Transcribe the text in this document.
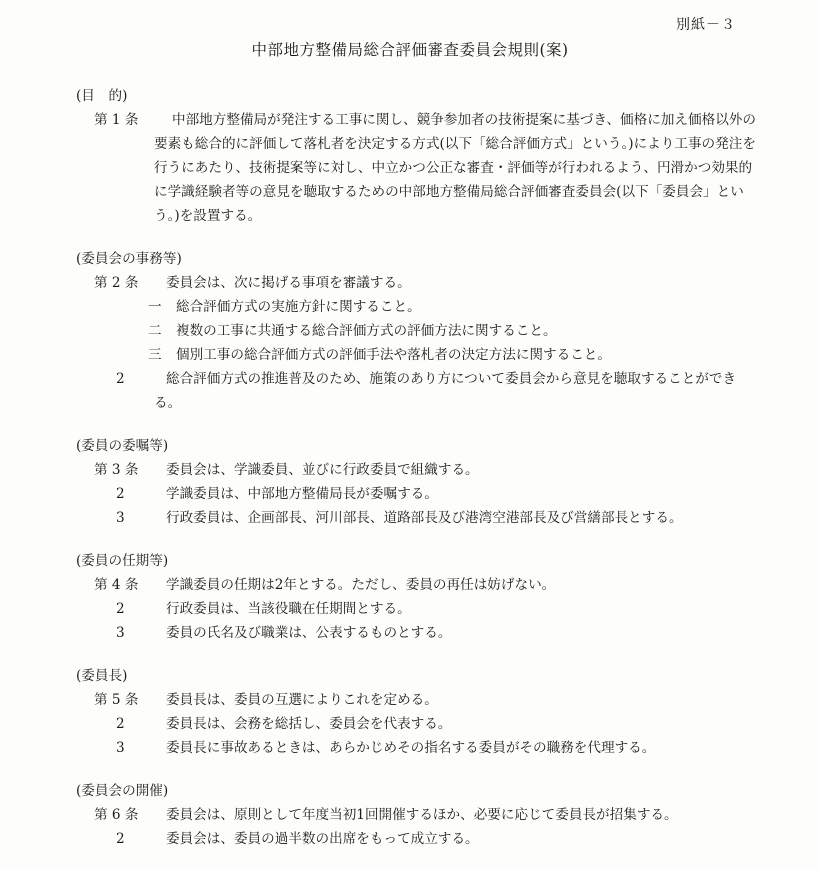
別紙－３
中部地方整備局総合評価審査委員会規則(案)
(目　的)
第 1 条	中部地方整備局が発注する工事に関し、競争参加者の技術提案に基づき、価格に加え価格以外の要素も総合的に評価して落札者を決定する方式(以下「総合評価方式」という。)により工事の発注を行うにあたり、技術提案等に対し、中立かつ公正な審査・評価等が行われるよう、円滑かつ効果的に学識経験者等の意見を聴取するための中部地方整備局総合評価審査委員会(以下「委員会」という。)を設置する。
(委員会の事務等)
第 2 条	委員会は、次に掲げる事項を審議する。
一	総合評価方式の実施方針に関すること。
二	複数の工事に共通する総合評価方式の評価方法に関すること。
三	個別工事の総合評価方式の評価手法や落札者の決定方法に関すること。
2	総合評価方式の推進普及のため、施策のあり方について委員会から意見を聴取することができる。
(委員の委嘱等)
第 3 条	委員会は、学識委員、並びに行政委員で組織する。
2	学識委員は、中部地方整備局長が委嘱する。
3	行政委員は、企画部長、河川部長、道路部長及び港湾空港部長及び営繕部長とする。
(委員の任期等)
第 4 条	学識委員の任期は2年とする。ただし、委員の再任は妨げない。
2	行政委員は、当該役職在任期間とする。
3	委員の氏名及び職業は、公表するものとする。
(委員長)
第 5 条	委員長は、委員の互選によりこれを定める。
2	委員長は、会務を総括し、委員会を代表する。
3	委員長に事故あるときは、あらかじめその指名する委員がその職務を代理する。
(委員会の開催)
第 6 条	委員会は、原則として年度当初1回開催するほか、必要に応じて委員長が招集する。
2	委員会は、委員の過半数の出席をもって成立する。
